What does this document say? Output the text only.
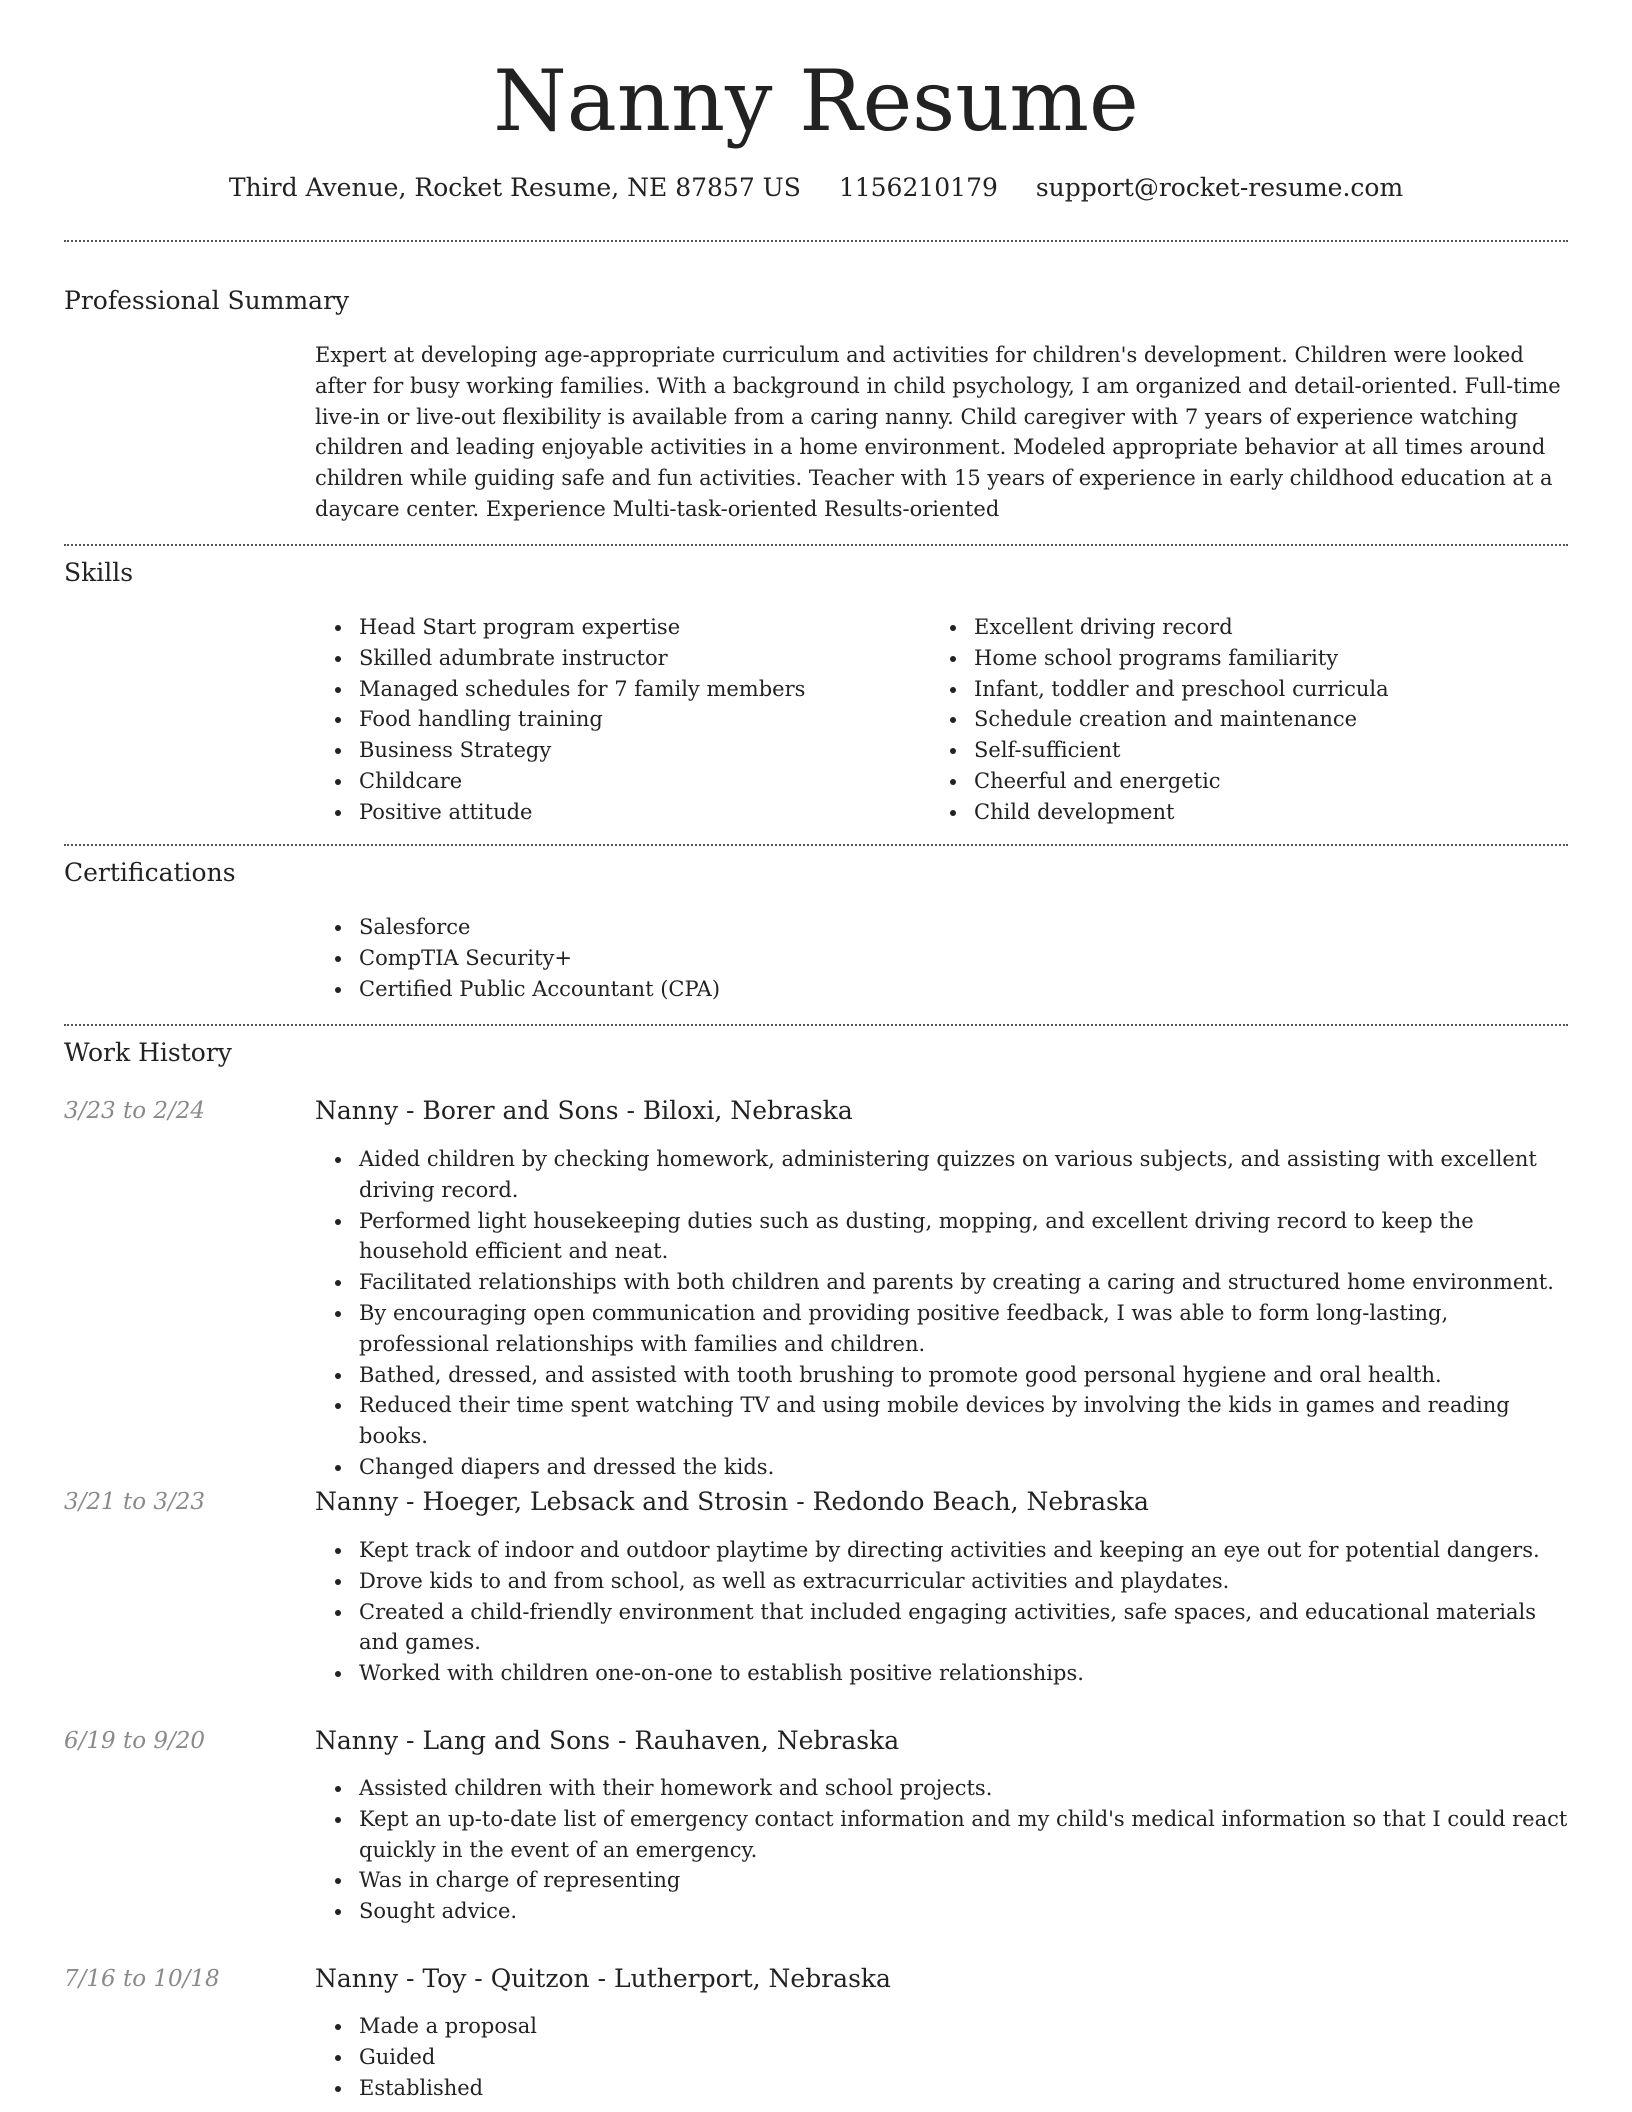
Nanny Resume
Third Avenue, Rocket Resume, NE 87857 US 1156210179 support@rocket-resume.com
Professional Summary

Expert at developing age-appropriate curriculum and activities for children's development. Children were looked after for busy working families. With a background in child psychology, I am organized and detail-oriented. Full-time live-in or live-out flexibility is available from a caring nanny. Child caregiver with 7 years of experience watching children and leading enjoyable activities in a home environment. Modeled appropriate behavior at all times around children while guiding safe and fun activities. Teacher with 15 years of experience in early childhood education at a daycare center. Experience Multi-task-oriented Results-oriented

Skills
Head Start program expertise
Skilled adumbrate instructor
Managed schedules for 7 family members
Food handling training
Business Strategy
Childcare
Positive attitude
Excellent driving record
Home school programs familiarity
Infant, toddler and preschool curricula
Schedule creation and maintenance
Self-sufficient
Cheerful and energetic
Child development
Certifications
Salesforce
CompTIA Security+
Certified Public Accountant (CPA)
Work History
3/23 to 2/24	Nanny - Borer and Sons - Biloxi, Nebraska
Aided children by checking homework, administering quizzes on various subjects, and assisting with excellent driving record.
Performed light housekeeping duties such as dusting, mopping, and excellent driving record to keep the household efficient and neat.
Facilitated relationships with both children and parents by creating a caring and structured home environment.
By encouraging open communication and providing positive feedback, I was able to form long-lasting, professional relationships with families and children.
Bathed, dressed, and assisted with tooth brushing to promote good personal hygiene and oral health.
Reduced their time spent watching TV and using mobile devices by involving the kids in games and reading books.
Changed diapers and dressed the kids.
3/21 to 3/23	Nanny - Hoeger, Lebsack and Strosin - Redondo Beach, Nebraska
Kept track of indoor and outdoor playtime by directing activities and keeping an eye out for potential dangers.
Drove kids to and from school, as well as extracurricular activities and playdates.
Created a child-friendly environment that included engaging activities, safe spaces, and educational materials and games.
Worked with children one-on-one to establish positive relationships.
6/19 to 9/20	Nanny - Lang and Sons - Rauhaven, Nebraska
Assisted children with their homework and school projects.
Kept an up-to-date list of emergency contact information and my child's medical information so that I could react quickly in the event of an emergency.
Was in charge of representing
Sought advice.
7/16 to 10/18	Nanny - Toy - Quitzon - Lutherport, Nebraska
Made a proposal
Guided
Established
